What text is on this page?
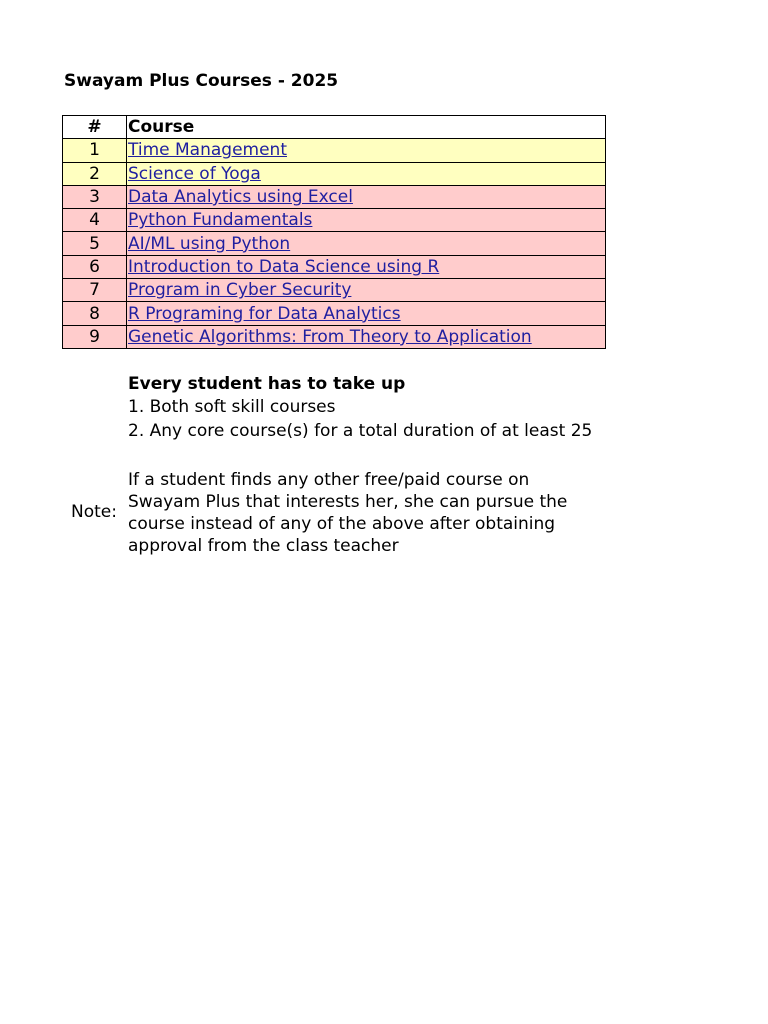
Swayam Plus Courses - 2025
#	Course
1	Time Management
2	Science of Yoga
3	Data Analytics using Excel
4	Python Fundamentals
5	AI/ML using Python
6	Introduction to Data Science using R
7	Program in Cyber Security
8	R Programing for Data Analytics
9	Genetic Algorithms: From Theory to Application
Every student has to take up
1. Both soft skill courses
2. Any core course(s) for a total duration of at least 25
Note:
If a student finds any other free/paid course on
Swayam Plus that interests her, she can pursue the
course instead of any of the above after obtaining
approval from the class teacher
